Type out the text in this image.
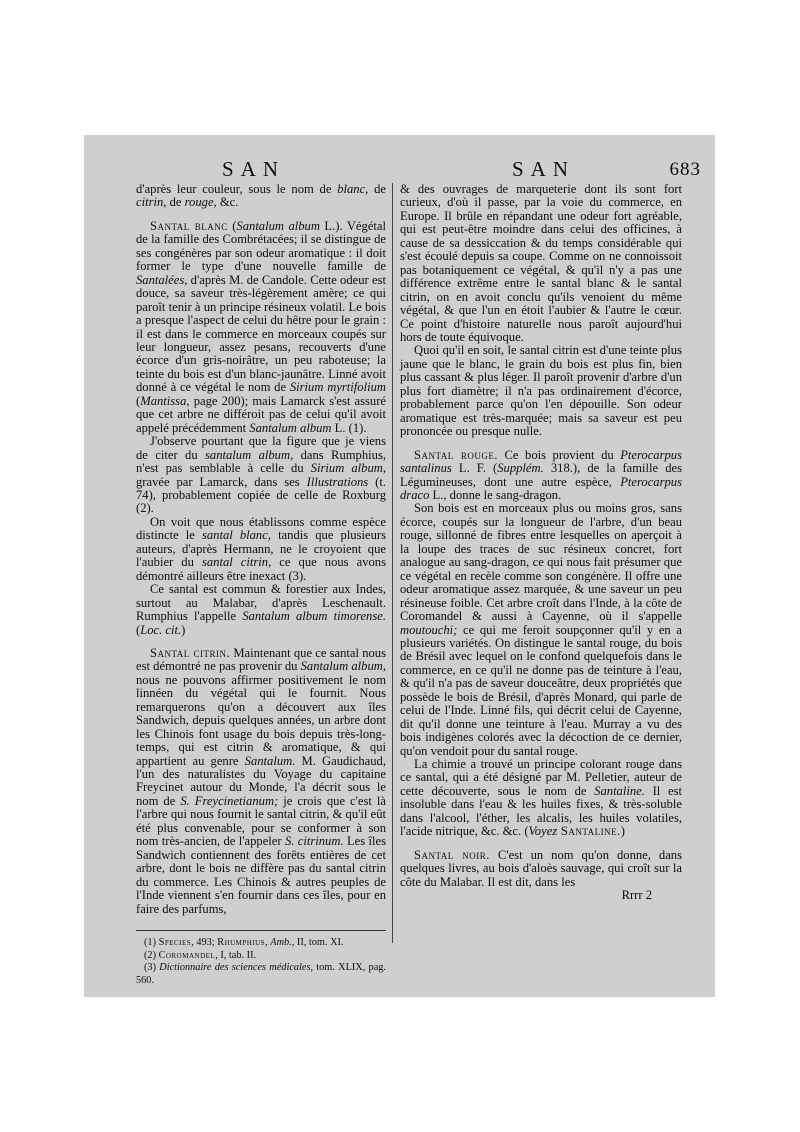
SAN	SAN	683

d'après leur couleur, sous le nom de blanc, de citrin, de rouge, &c.

Santal blanc (Santalum album L.). Végétal de la famille des Combrétacées; il se distingue de ses congénères par son odeur aromatique : il doit former le type d'une nouvelle famille de Santalées, d'après M. de Candole. Cette odeur est douce, sa saveur très-légèrement amère; ce qui paroît tenir à un principe résineux volatil. Le bois a presque l'aspect de celui du hêtre pour le grain : il est dans le commerce en morceaux coupés sur leur longueur, assez pesans, recouverts d'une écorce d'un gris-noirâtre, un peu raboteuse; la teinte du bois est d'un blanc-jaunâtre. Linné avoit donné à ce végétal le nom de Sirium myrtifolium (Mantissa, page 200); mais Lamarck s'est assuré que cet arbre ne différoit pas de celui qu'il avoit appelé précédemment Santalum album L. (1).

J'observe pourtant que la figure que je viens de citer du santalum album, dans Rumphius, n'est pas semblable à celle du Sirium album, gravée par Lamarck, dans ses Illustrations (t. 74), probablement copiée de celle de Roxburg (2).

On voit que nous établissons comme espèce distincte le santal blanc, tandis que plusieurs auteurs, d'après Hermann, ne le croyoient que l'aubier du santal citrin, ce que nous avons démontré ailleurs être inexact (3).

Ce santal est commun & forestier aux Indes, surtout au Malabar, d'après Leschenault. Rumphius l'appelle Santalum album timorense. (Loc. cit.)

Santal citrin. Maintenant que ce santal nous est démontré ne pas provenir du Santalum album, nous ne pouvons affirmer positivement le nom linnéen du végétal qui le fournit. Nous remarquerons qu'on a découvert aux îles Sandwich, depuis quelques années, un arbre dont les Chinois font usage du bois depuis très-long-temps, qui est citrin & aromatique, & qui appartient au genre Santalum. M. Gaudichaud, l'un des naturalistes du Voyage du capitaine Freycinet autour du Monde, l'a décrit sous le nom de S. Freycinetianum; je crois que c'est là l'arbre qui nous fournit le santal citrin, & qu'il eût été plus convenable, pour se conformer à son nom très-ancien, de l'appeler S. citrinum. Les îles Sandwich contiennent des forêts entières de cet arbre, dont le bois ne diffère pas du santal citrin du commerce. Les Chinois & autres peuples de l'Inde viennent s'en fournir dans ces îles, pour en faire des parfums,

(1) Species, 493; Rhumphius, Amb., II, tom. XI.

(2) Coromandel, I, tab. II.

(3) Dictionnaire des sciences médicales, tom. XLIX, pag. 560.

& des ouvrages de marqueterie dont ils sont fort curieux, d'où il passe, par la voie du commerce, en Europe. Il brûle en répandant une odeur fort agréable, qui est peut-être moindre dans celui des officines, à cause de sa dessiccation & du temps considérable qui s'est écoulé depuis sa coupe. Comme on ne connoissoit pas botaniquement ce végétal, & qu'il n'y a pas une différence extrême entre le santal blanc & le santal citrin, on en avoit conclu qu'ils venoient du même végétal, & que l'un en étoit l'aubier & l'autre le cœur. Ce point d'histoire naturelle nous paroît aujourd'hui hors de toute équivoque.

Quoi qu'il en soit, le santal citrin est d'une teinte plus jaune que le blanc, le grain du bois est plus fin, bien plus cassant & plus léger. Il paroît provenir d'arbre d'un plus fort diamètre; il n'a pas ordinairement d'écorce, probablement parce qu'on l'en dépouille. Son odeur aromatique est très-marquée; mais sa saveur est peu prononcée ou presque nulle.

Santal rouge. Ce bois provient du Pterocarpus santalinus L. F. (Supplém. 318.), de la famille des Légumineuses, dont une autre espèce, Pterocarpus draco L., donne le sang-dragon.

Son bois est en morceaux plus ou moins gros, sans écorce, coupés sur la longueur de l'arbre, d'un beau rouge, sillonné de fibres entre lesquelles on aperçoit à la loupe des traces de suc résineux concret, fort analogue au sang-dragon, ce qui nous fait présumer que ce végétal en recèle comme son congénère. Il offre une odeur aromatique assez marquée, & une saveur un peu résineuse foible. Cet arbre croît dans l'Inde, à la côte de Coromandel & aussi à Cayenne, où il s'appelle moutouchi; ce qui me feroit soupçonner qu'il y en a plusieurs variétés. On distingue le santal rouge, du bois de Brésil avec lequel on le confond quelquefois dans le commerce, en ce qu'il ne donne pas de teinture à l'eau, & qu'il n'a pas de saveur douceâtre, deux propriétés que possède le bois de Brésil, d'après Monard, qui parle de celui de l'Inde. Linné fils, qui décrit celui de Cayenne, dit qu'il donne une teinture à l'eau. Murray a vu des bois indigènes colorés avec la décoction de ce dernier, qu'on vendoit pour du santal rouge.

La chimie a trouvé un principe colorant rouge dans ce santal, qui a été désigné par M. Pelletier, auteur de cette découverte, sous le nom de Santaline. Il est insoluble dans l'eau & les huiles fixes, & très-soluble dans l'alcool, l'éther, les alcalis, les huiles volatiles, l'acide nitrique, &c. &c. (Voyez Santaline.)

Santal noir. C'est un nom qu'on donne, dans quelques livres, au bois d'aloès sauvage, qui croît sur la côte du Malabar. Il est dit, dans les

Rrrr 2
